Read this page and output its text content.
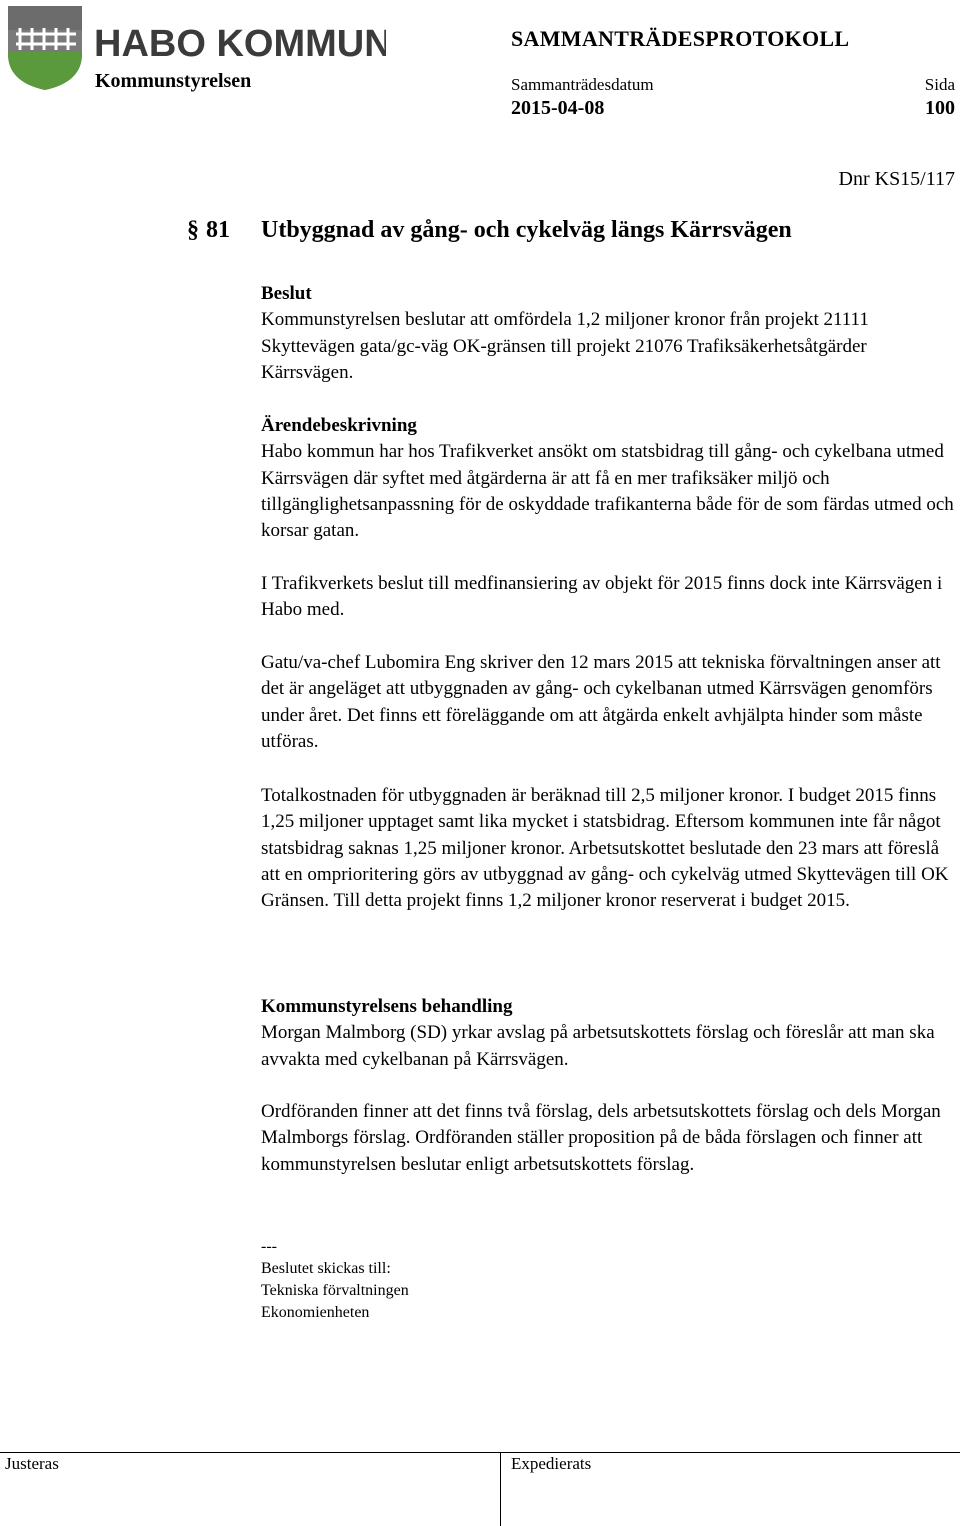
HABO KOMMUN
Kommunstyrelsen
SAMMANTRÄDESPROTOKOLL
Sammanträdesdatum
2015-04-08
Sida
100
Dnr KS15/117
§ 81 Utbyggnad av gång- och cykelväg längs Kärrsvägen

Beslut

Kommunstyrelsen beslutar att omfördela 1,2 miljoner kronor från projekt 21111 Skyttevägen gata/gc-väg OK-gränsen till projekt 21076 Trafiksäkerhetsåtgärder Kärrsvägen.

Ärendebeskrivning

Habo kommun har hos Trafikverket ansökt om statsbidrag till gång- och cykelbana utmed Kärrsvägen där syftet med åtgärderna är att få en mer trafiksäker miljö och tillgänglighetsanpassning för de oskyddade trafikanterna både för de som färdas utmed och korsar gatan.

I Trafikverkets beslut till medfinansiering av objekt för 2015 finns dock inte Kärrsvägen i Habo med.

Gatu/va-chef Lubomira Eng skriver den 12 mars 2015 att tekniska förvaltningen anser att det är angeläget att utbyggnaden av gång- och cykelbanan utmed Kärrsvägen genomförs under året. Det finns ett föreläggande om att åtgärda enkelt avhjälpta hinder som måste utföras.

Totalkostnaden för utbyggnaden är beräknad till 2,5 miljoner kronor. I budget 2015 finns 1,25 miljoner upptaget samt lika mycket i statsbidrag. Eftersom kommunen inte får något statsbidrag saknas 1,25 miljoner kronor. Arbetsutskottet beslutade den 23 mars att föreslå att en omprioritering görs av utbyggnad av gång- och cykelväg utmed Skyttevägen till OK Gränsen. Till detta projekt finns 1,2 miljoner kronor reserverat i budget 2015.

Kommunstyrelsens behandling

Morgan Malmborg (SD) yrkar avslag på arbetsutskottets förslag och föreslår att man ska avvakta med cykelbanan på Kärrsvägen.

Ordföranden finner att det finns två förslag, dels arbetsutskottets förslag och dels Morgan Malmborgs förslag. Ordföranden ställer proposition på de båda förslagen och finner att kommunstyrelsen beslutar enligt arbetsutskottets förslag.

---

Beslutet skickas till:

Tekniska förvaltningen

Ekonomienheten

Justeras	Expedierats
